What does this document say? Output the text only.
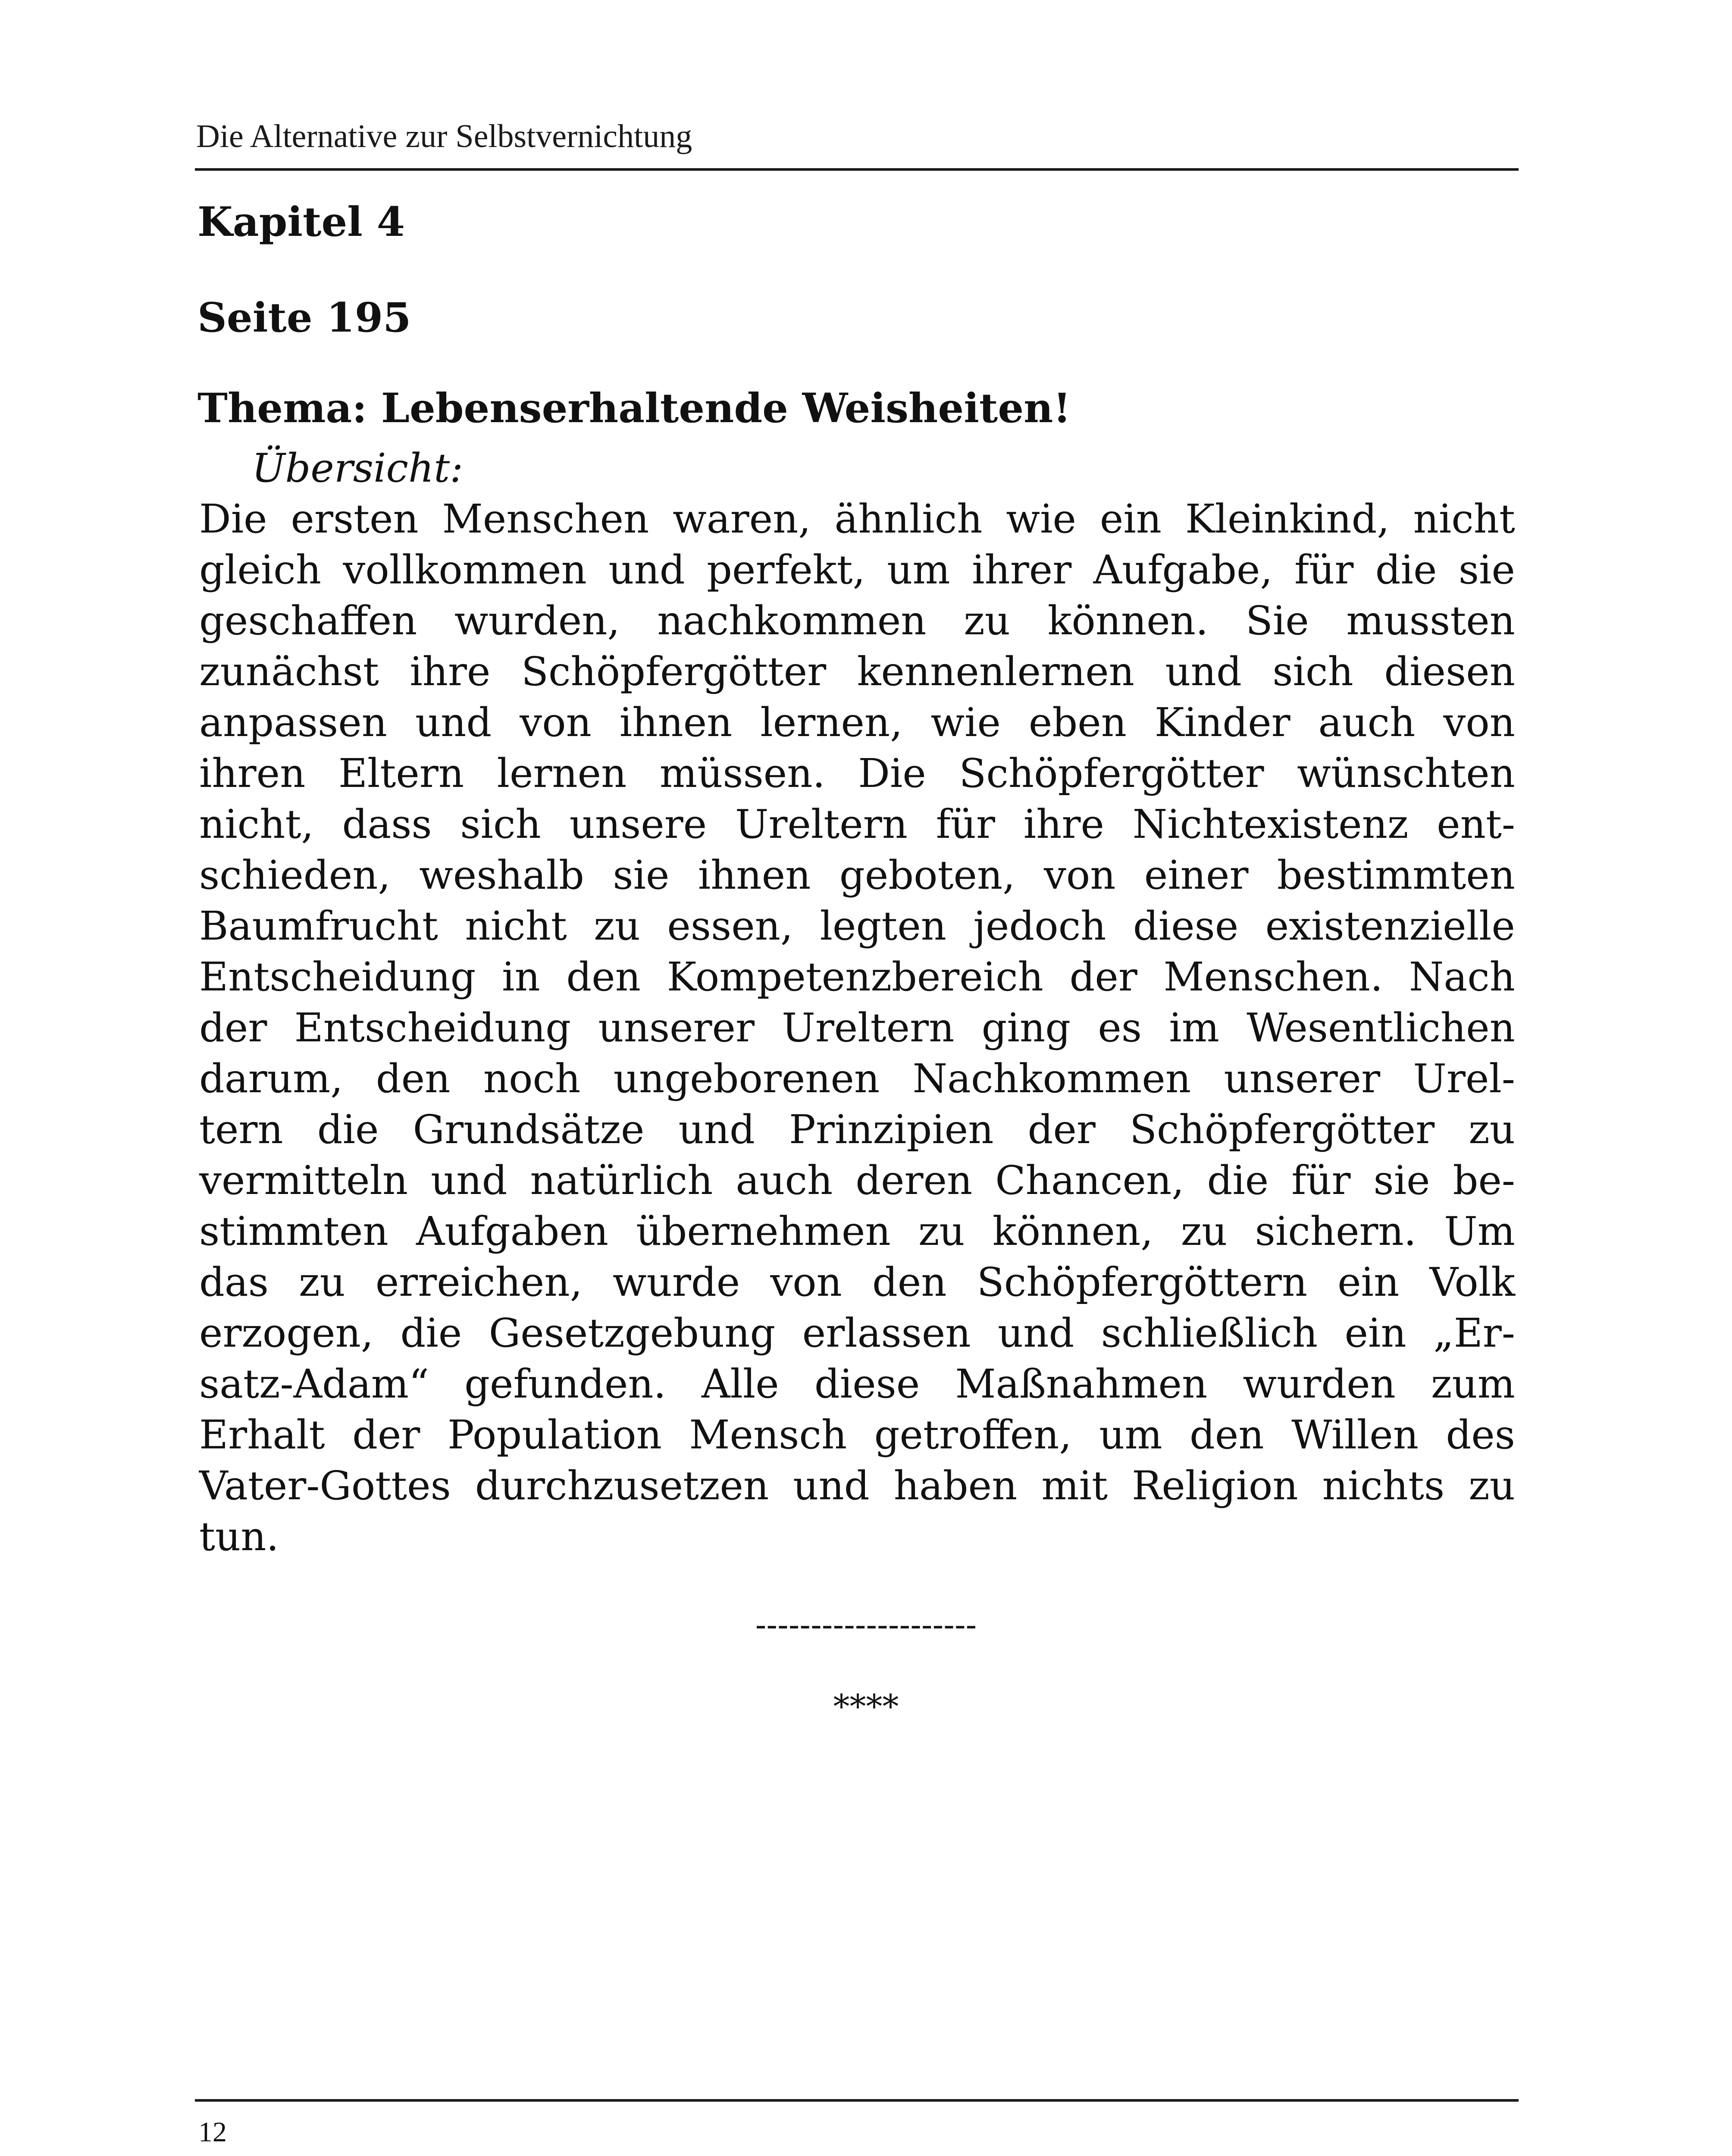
Die Alternative zur Selbstvernichtung
Kapitel 4
Seite 195
Thema: Lebenserhaltende Weisheiten!
Übersicht:
Die ersten Menschen waren, ähnlich wie ein Kleinkind, nicht
gleich vollkommen und perfekt, um ihrer Aufgabe, für die sie
geschaffen wurden, nachkommen zu können. Sie mussten
zunächst ihre Schöpfergötter kennenlernen und sich diesen
anpassen und von ihnen lernen, wie eben Kinder auch von
ihren Eltern lernen müssen. Die Schöpfergötter wünschten
nicht, dass sich unsere Ureltern für ihre Nichtexistenz ent-
schieden, weshalb sie ihnen geboten, von einer bestimmten
Baumfrucht nicht zu essen, legten jedoch diese existenzielle
Entscheidung in den Kompetenzbereich der Menschen. Nach
der Entscheidung unserer Ureltern ging es im Wesentlichen
darum, den noch ungeborenen Nachkommen unserer Urel-
tern die Grundsätze und Prinzipien der Schöpfergötter zu
vermitteln und natürlich auch deren Chancen, die für sie be-
stimmten Aufgaben übernehmen zu können, zu sichern. Um
das zu erreichen, wurde von den Schöpfergöttern ein Volk
erzogen, die Gesetzgebung erlassen und schließlich ein „Er-
satz-Adam“ gefunden. Alle diese Maßnahmen wurden zum
Erhalt der Population Mensch getroffen, um den Willen des
Vater-Gottes durchzusetzen und haben mit Religion nichts zu
tun.
--------------------
****
12
